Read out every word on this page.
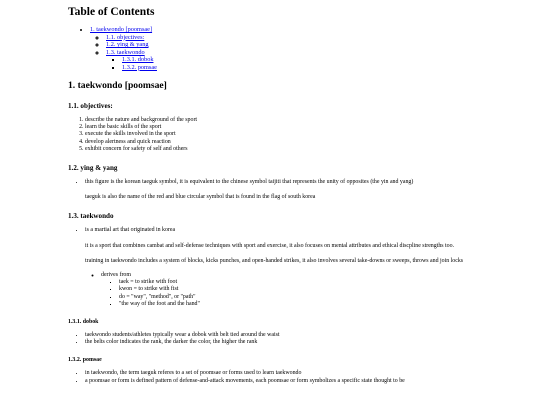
Table of Contents
• 1. taekwondo [poomsae]
◦ 1.1. objectives:
◦ 1.2. ying & yang
◦ 1.3. taekwondo
▪ 1.3.1. dobok
▪ 1.3.2. pomsae
1. taekwondo [poomsae]
1.1. objectives:
1. describe the nature and background of the sport
2. learn the basic skills of the sport
3. execute the skills involved in the sport
4. develop alertness and quick reaction
5. exhibit concern for safety of self and others
1.2. ying & yang
• this figure is the korean taeguk symbol, it is equivalent to the chinese symbol taijiti that represents the unity of opposites (the yin and yang)

taeguk is also the name of the red and blue circular symbol that is found in the flag of south korea

1.3. taekwondo
• is a martial art that originated in korea

it is a sport that combines cambat and self-defense techniques with sport and exercise, it also focuses on mental attributes and ethical discpline strengths too.

training in taekwondo includes a system of blocks, kicks punches, and open-handed strikes, it also involves several take-downs or sweeps, throws and join locks

◦ derives from
▪ taek = to strike with foot
▪ kwon = to strike with fist
▪ do = "way", "method", or "path"
▪ "the way of the foot and the hand"
1.3.1. dobok
• taekwondo students/athletes typically wear a dobok with belt tied around the waist
• the belts color indicates the rank, the darker the color, the higher the rank
1.3.2. pomsae
• in taekwondo, the term taeguk referes to a set of poomsae or forms used to learn taekwondo
• a poomsae or form is defined pattern of defense-and-attack movements, each poomsae or form symbolizes a specific state thought to be
